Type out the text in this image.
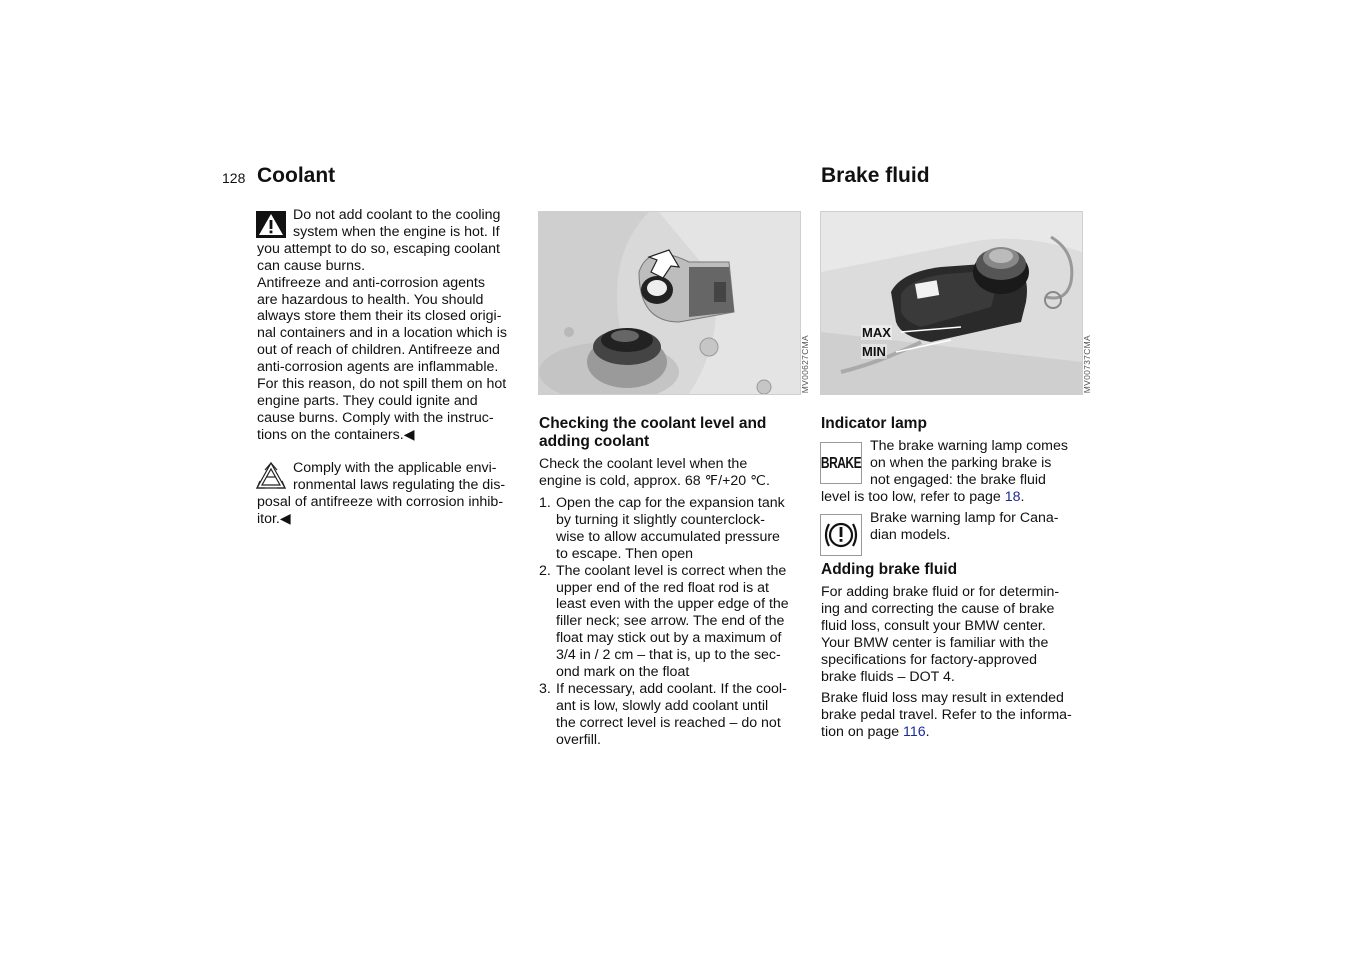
128 Coolant
Do not add coolant to the cooling
system when the engine is hot. If
you attempt to do so, escaping coolant
can cause burns.
Antifreeze and anti-corrosion agents
are hazardous to health. You should
always store them their its closed origi-
nal containers and in a location which is
out of reach of children. Antifreeze and
anti-corrosion agents are inflammable.
For this reason, do not spill them on hot
engine parts. They could ignite and
cause burns. Comply with the instruc-
tions on the containers.◀
Comply with the applicable envi-
ronmental laws regulating the dis-
posal of antifreeze with corrosion inhib-
itor.◀
MV00627CMA
Checking the coolant level and
adding coolant
Check the coolant level when the
engine is cold, approx. 68 ℉/+20 ℃.
1. Open the cap for the expansion tank
by turning it slightly counterclock-
wise to allow accumulated pressure
to escape. Then open
2. The coolant level is correct when the
upper end of the red float rod is at
least even with the upper edge of the
filler neck; see arrow. The end of the
float may stick out by a maximum of
3/4 in / 2 cm – that is, up to the sec-
ond mark on the float
3. If necessary, add coolant. If the cool-
ant is low, slowly add coolant until
the correct level is reached – do not
overfill.
Brake fluid
MAX
MIN	MV00737CMA
Indicator lamp
BRAKE
The brake warning lamp comes
on when the parking brake is
not engaged: the brake fluid
level is too low, refer to page 18.
Brake warning lamp for Cana-
dian models.
Adding brake fluid
For adding brake fluid or for determin-
ing and correcting the cause of brake
fluid loss, consult your BMW center.
Your BMW center is familiar with the
specifications for factory-approved
brake fluids – DOT 4.
Brake fluid loss may result in extended
brake pedal travel. Refer to the informa-
tion on page 116.
